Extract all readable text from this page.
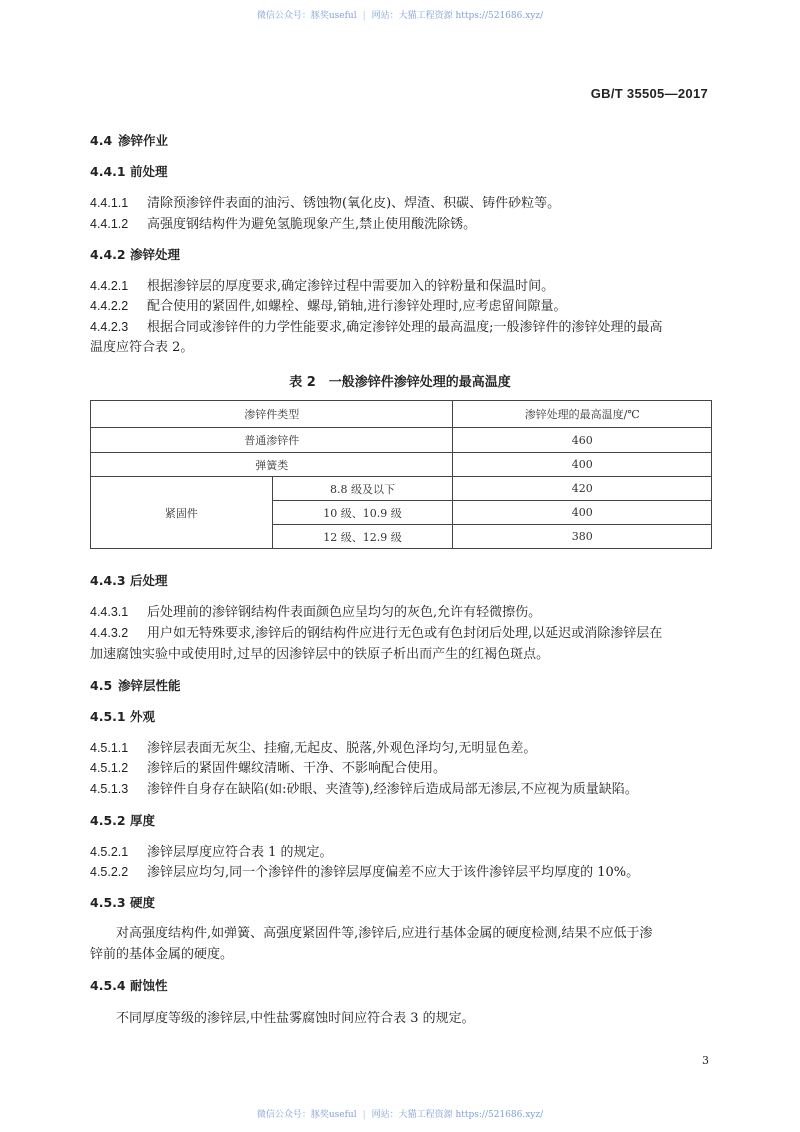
微信公众号：豚奖useful | 网站：大猫工程资源 https://521686.xyz/
GB/T 35505—2017
4.4 渗锌作业
4.4.1 前处理
4.4.1.1 清除预渗锌件表面的油污、锈蚀物(氧化皮)、焊渣、积碳、铸件砂粒等。
4.4.1.2 高强度钢结构件为避免氢脆现象产生,禁止使用酸洗除锈。
4.4.2 渗锌处理
4.4.2.1 根据渗锌层的厚度要求,确定渗锌过程中需要加入的锌粉量和保温时间。
4.4.2.2 配合使用的紧固件,如螺栓、螺母,销轴,进行渗锌处理时,应考虑留间隙量。
4.4.2.3 根据合同或渗锌件的力学性能要求,确定渗锌处理的最高温度;一般渗锌件的渗锌处理的最高
温度应符合表 2。
表 2　一般渗锌件渗锌处理的最高温度
渗锌件类型		渗锌处理的最高温度/℃
普通渗锌件		460
弹簧类		400
紧固件	8.8 级及以下	420
	10 级、10.9 级	400
	12 级、12.9 级	380
4.4.3 后处理
4.4.3.1 后处理前的渗锌钢结构件表面颜色应呈均匀的灰色,允许有轻微擦伤。
4.4.3.2 用户如无特殊要求,渗锌后的钢结构件应进行无色或有色封闭后处理,以延迟或消除渗锌层在
加速腐蚀实验中或使用时,过早的因渗锌层中的铁原子析出而产生的红褐色斑点。
4.5 渗锌层性能
4.5.1 外观
4.5.1.1 渗锌层表面无灰尘、挂瘤,无起皮、脱落,外观色泽均匀,无明显色差。
4.5.1.2 渗锌后的紧固件螺纹清晰、干净、不影响配合使用。
4.5.1.3 渗锌件自身存在缺陷(如:砂眼、夹渣等),经渗锌后造成局部无渗层,不应视为质量缺陷。
4.5.2 厚度
4.5.2.1 渗锌层厚度应符合表 1 的规定。
4.5.2.2 渗锌层应均匀,同一个渗锌件的渗锌层厚度偏差不应大于该件渗锌层平均厚度的 10%。
4.5.3 硬度
对高强度结构件,如弹簧、高强度紧固件等,渗锌后,应进行基体金属的硬度检测,结果不应低于渗
锌前的基体金属的硬度。
4.5.4 耐蚀性
不同厚度等级的渗锌层,中性盐雾腐蚀时间应符合表 3 的规定。
3
微信公众号：豚奖useful | 网站：大猫工程资源 https://521686.xyz/
